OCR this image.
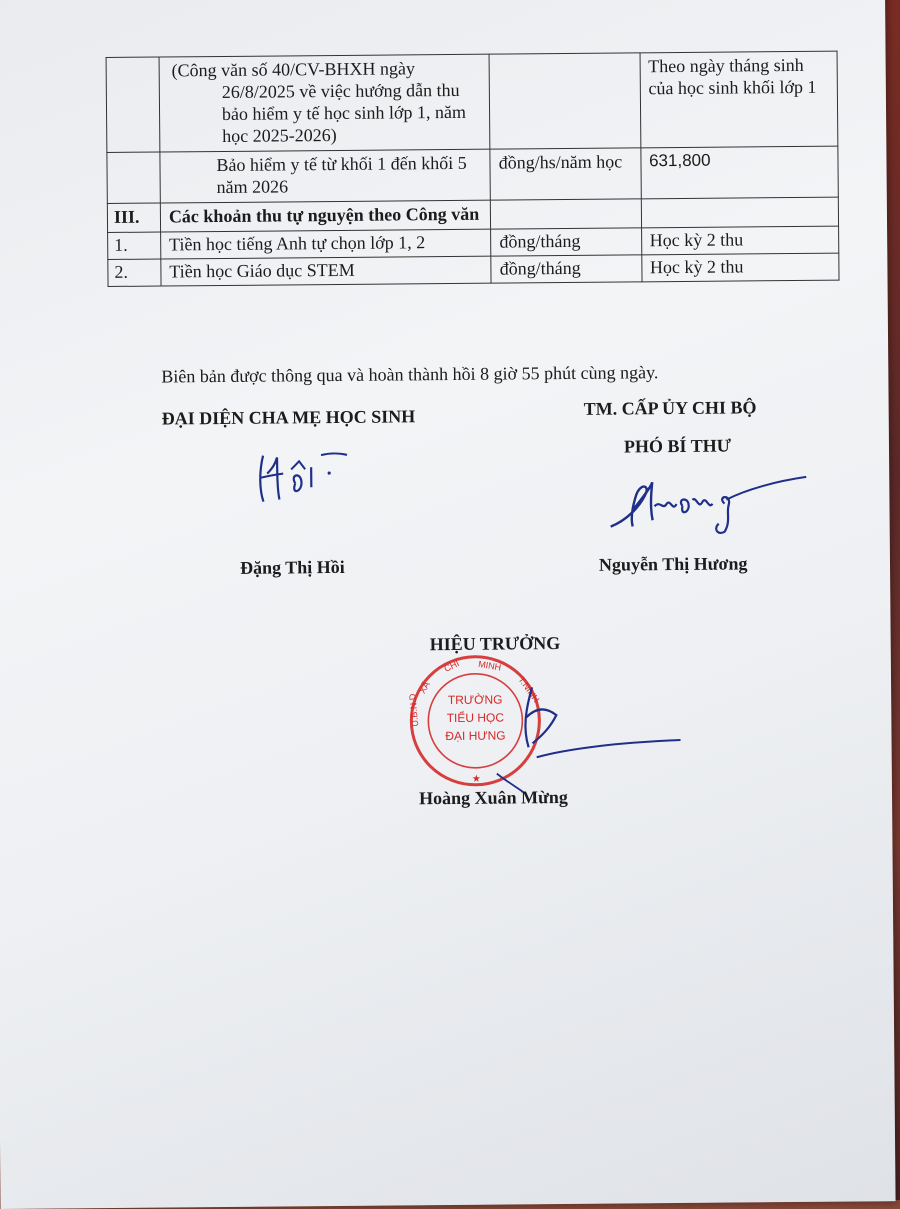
	(Công văn số 40/CV-BHXH ngày 26/8/2025 về việc hướng dẫn thu bảo hiểm y tế học sinh lớp 1, năm học 2025-2026)		Theo ngày tháng sinh của học sinh khối lớp 1
	Bảo hiểm y tế từ khối 1 đến khối 5 năm 2026	đồng/hs/năm học	631,800
III.	Các khoản thu tự nguyện theo Công văn		
1.	Tiền học tiếng Anh tự chọn lớp 1, 2	đồng/tháng	Học kỳ 2 thu
2.	Tiền học Giáo dục STEM	đồng/tháng	Học kỳ 2 thu
Biên bản được thông qua và hoàn thành hồi 8 giờ 55 phút cùng ngày.
ĐẠI DIỆN CHA MẸ HỌC SINH
Đặng Thị Hồi
TM. CẤP ỦY CHI BỘ
PHÓ BÍ THƯ
Nguyễn Thị Hương
HIỆU TRƯỞNG
XÃ
CHÍ MINH
T.NINH
U.B.N.D
★
TRƯỜNG
TIỂU HỌC
ĐẠI HƯNG
Hoàng Xuân Mừng
